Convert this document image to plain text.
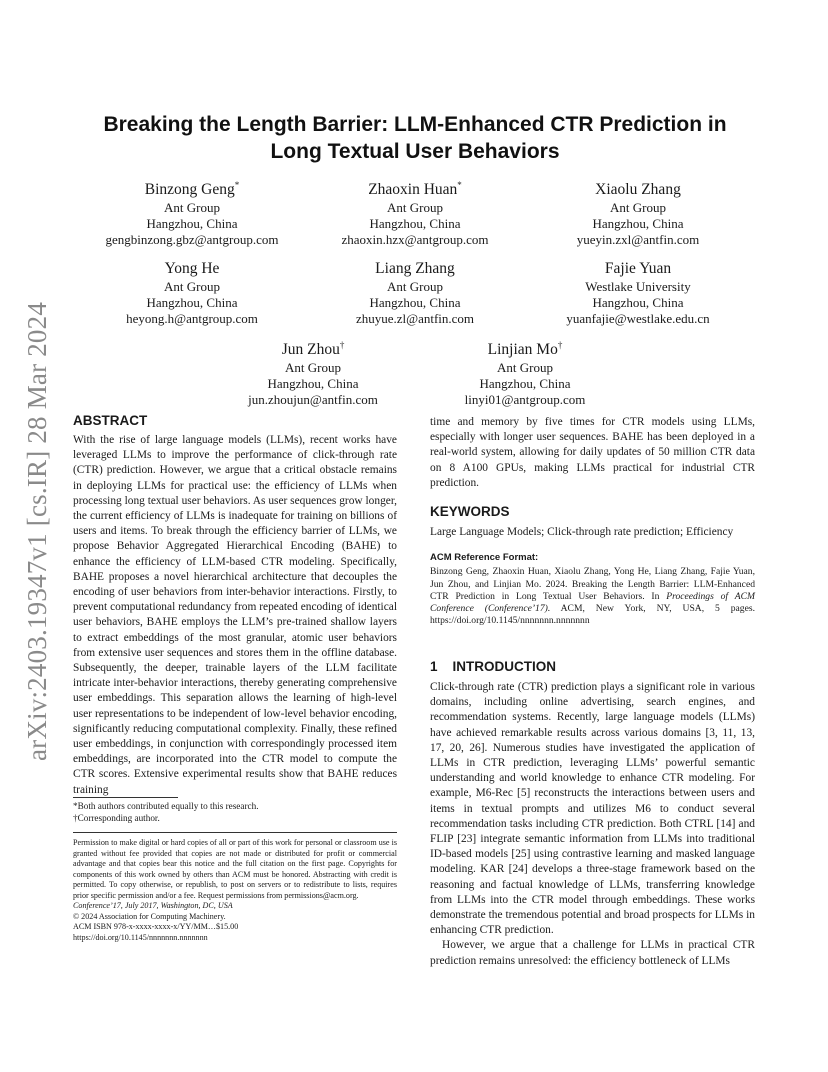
arXiv:2403.19347v1 [cs.IR] 28 Mar 2024
Breaking the Length Barrier: LLM-Enhanced CTR Prediction in
Long Textual User Behaviors
Binzong Geng*
Ant Group
Hangzhou, China
gengbinzong.gbz@antgroup.com
Zhaoxin Huan*
Ant Group
Hangzhou, China
zhaoxin.hzx@antgroup.com
Xiaolu Zhang
Ant Group
Hangzhou, China
yueyin.zxl@antfin.com
Yong He
Ant Group
Hangzhou, China
heyong.h@antgroup.com
Liang Zhang
Ant Group
Hangzhou, China
zhuyue.zl@antfin.com
Fajie Yuan
Westlake University
Hangzhou, China
yuanfajie@westlake.edu.cn
Jun Zhou†
Ant Group
Hangzhou, China
jun.zhoujun@antfin.com
Linjian Mo†
Ant Group
Hangzhou, China
linyi01@antgroup.com
ABSTRACT

With the rise of large language models (LLMs), recent works have leveraged LLMs to improve the performance of click-through rate (CTR) prediction. However, we argue that a critical obstacle remains in deploying LLMs for practical use: the efficiency of LLMs when processing long textual user behaviors. As user sequences grow longer, the current efficiency of LLMs is inadequate for training on billions of users and items. To break through the efficiency barrier of LLMs, we propose Behavior Aggregated Hierarchical Encoding (BAHE) to enhance the efficiency of LLM-based CTR modeling. Specifically, BAHE proposes a novel hierarchical architecture that decouples the encoding of user behaviors from inter-behavior interactions. Firstly, to prevent computational redundancy from repeated encoding of identical user behaviors, BAHE employs the LLM’s pre-trained shallow layers to extract embeddings of the most granular, atomic user behaviors from extensive user sequences and stores them in the offline database. Subsequently, the deeper, trainable layers of the LLM facilitate intricate inter-behavior interactions, thereby generating comprehensive user embeddings. This separation allows the learning of high-level user representations to be independent of low-level behavior encoding, significantly reducing computational complexity. Finally, these refined user embeddings, in conjunction with correspondingly processed item embeddings, are incorporated into the CTR model to compute the CTR scores. Extensive experimental results show that BAHE reduces training

*Both authors contributed equally to this research.
†Corresponding author.
Permission to make digital or hard copies of all or part of this work for personal or classroom use is granted without fee provided that copies are not made or distributed for profit or commercial advantage and that copies bear this notice and the full citation on the first page. Copyrights for components of this work owned by others than ACM must be honored. Abstracting with credit is permitted. To copy otherwise, or republish, to post on servers or to redistribute to lists, requires prior specific permission and/or a fee. Request permissions from permissions@acm.org.
Conference’17, July 2017, Washington, DC, USA
© 2024 Association for Computing Machinery.
ACM ISBN 978-x-xxxx-xxxx-x/YY/MM…$15.00
https://doi.org/10.1145/nnnnnnn.nnnnnnn

time and memory by five times for CTR models using LLMs, especially with longer user sequences. BAHE has been deployed in a real-world system, allowing for daily updates of 50 million CTR data on 8 A100 GPUs, making LLMs practical for industrial CTR prediction.

KEYWORDS

Large Language Models; Click-through rate prediction; Efficiency

ACM Reference Format:

Binzong Geng, Zhaoxin Huan, Xiaolu Zhang, Yong He, Liang Zhang, Fajie Yuan, Jun Zhou, and Linjian Mo. 2024. Breaking the Length Barrier: LLM-Enhanced CTR Prediction in Long Textual User Behaviors. In Proceedings of ACM Conference (Conference’17). ACM, New York, NY, USA, 5 pages. https://doi.org/10.1145/nnnnnnn.nnnnnnn

1    INTRODUCTION

Click-through rate (CTR) prediction plays a significant role in various domains, including online advertising, search engines, and recommendation systems. Recently, large language models (LLMs) have achieved remarkable results across various domains [3, 11, 13, 17, 20, 26]. Numerous studies have investigated the application of LLMs in CTR prediction, leveraging LLMs’ powerful semantic understanding and world knowledge to enhance CTR modeling. For example, M6-Rec [5] reconstructs the interactions between users and items in textual prompts and utilizes M6 to conduct several recommendation tasks including CTR prediction. Both CTRL [14] and FLIP [23] integrate semantic information from LLMs into traditional ID-based models [25] using contrastive learning and masked language modeling. KAR [24] develops a three-stage framework based on the reasoning and factual knowledge of LLMs, transferring knowledge from LLMs into the CTR model through embeddings. These works demonstrate the tremendous potential and broad prospects for LLMs in enhancing CTR prediction.

However, we argue that a challenge for LLMs in practical CTR prediction remains unresolved: the efficiency bottleneck of LLMs
